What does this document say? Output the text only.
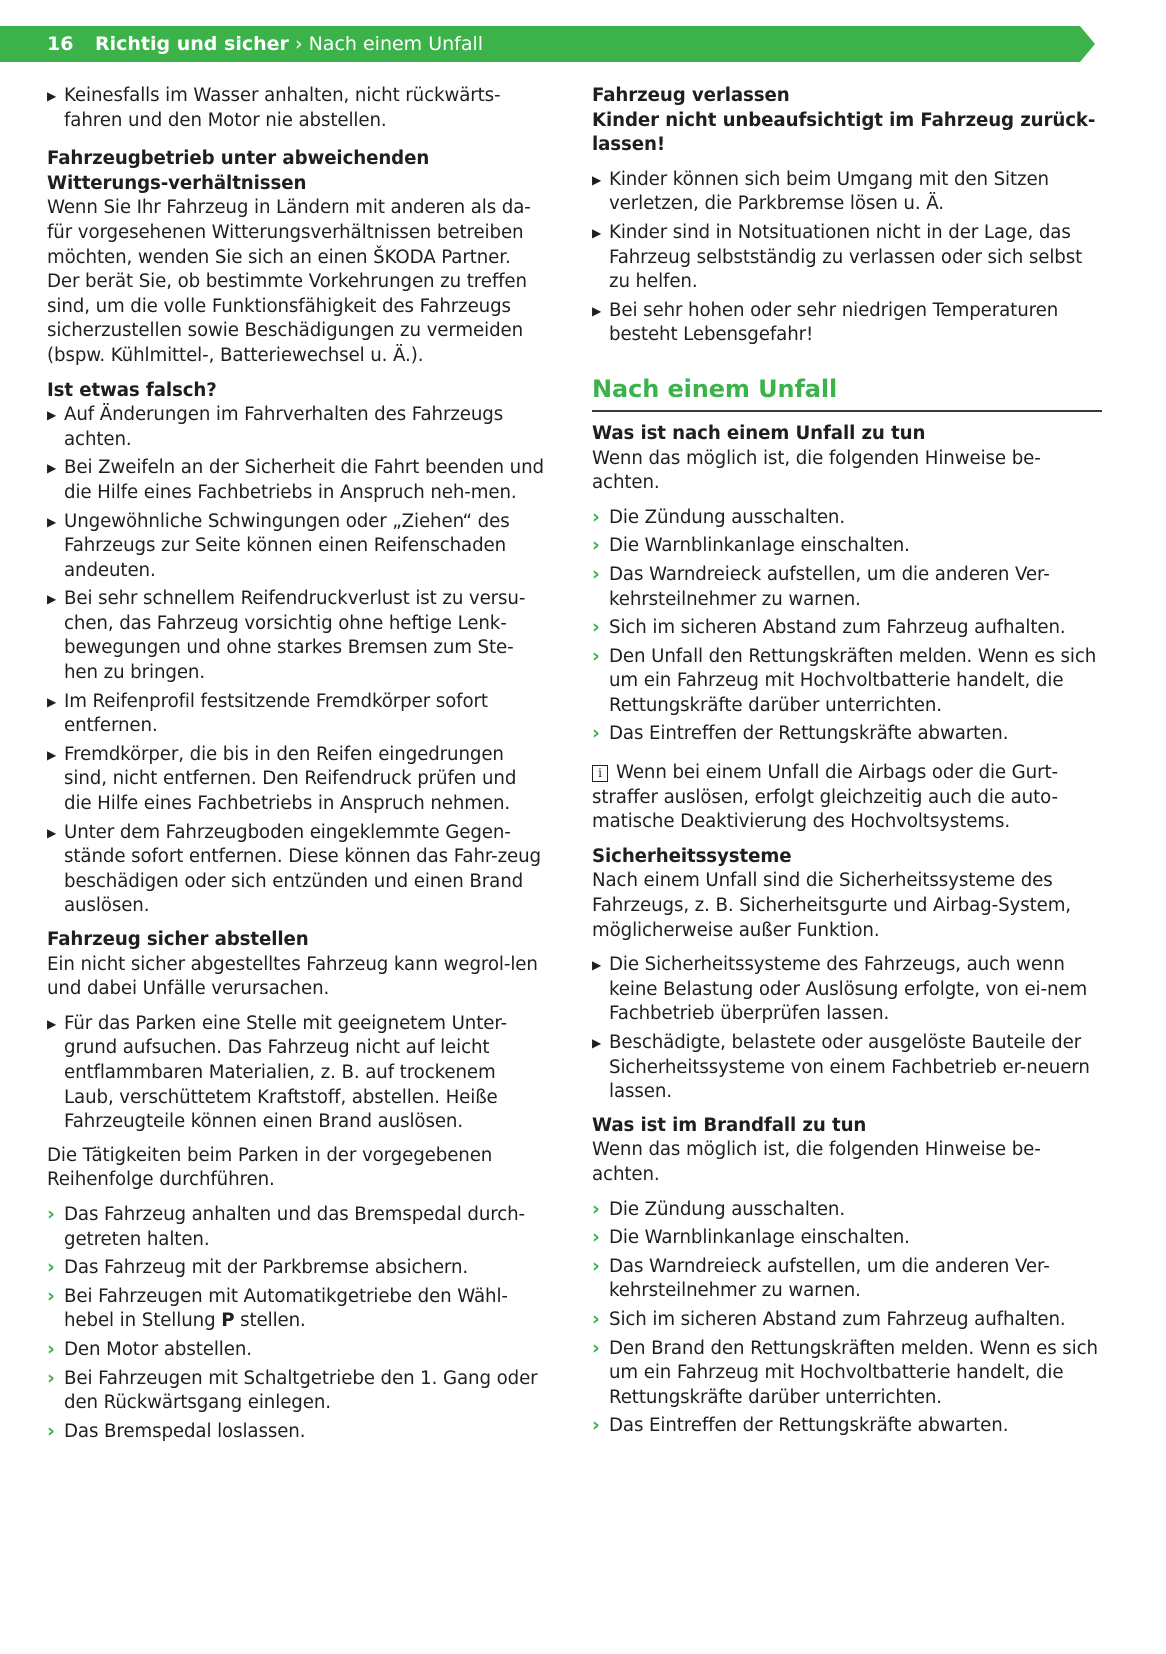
16 Richtig und sicher › Nach einem Unfall
▶ Keinesfalls im Wasser anhalten, nicht rückwärts-fahren und den Motor nie abstellen.

Fahrzeugbetrieb unter abweichenden Witterungs-verhältnissen

Wenn Sie Ihr Fahrzeug in Ländern mit anderen als da-für vorgesehenen Witterungsverhältnissen betreiben möchten, wenden Sie sich an einen ŠKODA Partner. Der berät Sie, ob bestimmte Vorkehrungen zu treffen sind, um die volle Funktionsfähigkeit des Fahrzeugs sicherzustellen sowie Beschädigungen zu vermeiden (bspw. Kühlmittel-, Batteriewechsel u. Ä.).

Ist etwas falsch?

▶ Auf Änderungen im Fahrverhalten des Fahrzeugs achten.
▶ Bei Zweifeln an der Sicherheit die Fahrt beenden und die Hilfe eines Fachbetriebs in Anspruch neh-men.
▶ Ungewöhnliche Schwingungen oder „Ziehen“ des Fahrzeugs zur Seite können einen Reifenschaden andeuten.
▶ Bei sehr schnellem Reifendruckverlust ist zu versu-chen, das Fahrzeug vorsichtig ohne heftige Lenk-bewegungen und ohne starkes Bremsen zum Ste-hen zu bringen.
▶ Im Reifenprofil festsitzende Fremdkörper sofort entfernen.
▶ Fremdkörper, die bis in den Reifen eingedrungen sind, nicht entfernen. Den Reifendruck prüfen und die Hilfe eines Fachbetriebs in Anspruch nehmen.
▶ Unter dem Fahrzeugboden eingeklemmte Gegen-stände sofort entfernen. Diese können das Fahr-zeug beschädigen oder sich entzünden und einen Brand auslösen.

Fahrzeug sicher abstellen

Ein nicht sicher abgestelltes Fahrzeug kann wegrol-len und dabei Unfälle verursachen.

▶ Für das Parken eine Stelle mit geeignetem Unter-grund aufsuchen. Das Fahrzeug nicht auf leicht entflammbaren Materialien, z. B. auf trockenem Laub, verschüttetem Kraftstoff, abstellen. Heiße Fahrzeugteile können einen Brand auslösen.

Die Tätigkeiten beim Parken in der vorgegebenen Reihenfolge durchführen.

› Das Fahrzeug anhalten und das Bremspedal durch-getreten halten.
› Das Fahrzeug mit der Parkbremse absichern.
› Bei Fahrzeugen mit Automatikgetriebe den Wähl-hebel in Stellung P stellen.
› Den Motor abstellen.
› Bei Fahrzeugen mit Schaltgetriebe den 1. Gang oder den Rückwärtsgang einlegen.
› Das Bremspedal loslassen.

Fahrzeug verlassen

Kinder nicht unbeaufsichtigt im Fahrzeug zurück-lassen!

▶ Kinder können sich beim Umgang mit den Sitzen verletzen, die Parkbremse lösen u. Ä.
▶ Kinder sind in Notsituationen nicht in der Lage, das Fahrzeug selbstständig zu verlassen oder sich selbst zu helfen.
▶ Bei sehr hohen oder sehr niedrigen Temperaturen besteht Lebensgefahr!
Nach einem Unfall

Was ist nach einem Unfall zu tun

Wenn das möglich ist, die folgenden Hinweise be-achten.

› Die Zündung ausschalten.
› Die Warnblinkanlage einschalten.
› Das Warndreieck aufstellen, um die anderen Ver-kehrsteilnehmer zu warnen.
› Sich im sicheren Abstand zum Fahrzeug aufhalten.
› Den Unfall den Rettungskräften melden. Wenn es sich um ein Fahrzeug mit Hochvoltbatterie handelt, die Rettungskräfte darüber unterrichten.
› Das Eintreffen der Rettungskräfte abwarten.

i Wenn bei einem Unfall die Airbags oder die Gurt-straffer auslösen, erfolgt gleichzeitig auch die auto-matische Deaktivierung des Hochvoltsystems.

Sicherheitssysteme

Nach einem Unfall sind die Sicherheitssysteme des Fahrzeugs, z. B. Sicherheitsgurte und Airbag-System, möglicherweise außer Funktion.

▶ Die Sicherheitssysteme des Fahrzeugs, auch wenn keine Belastung oder Auslösung erfolgte, von ei-nem Fachbetrieb überprüfen lassen.
▶ Beschädigte, belastete oder ausgelöste Bauteile der Sicherheitssysteme von einem Fachbetrieb er-neuern lassen.

Was ist im Brandfall zu tun

Wenn das möglich ist, die folgenden Hinweise be-achten.

› Die Zündung ausschalten.
› Die Warnblinkanlage einschalten.
› Das Warndreieck aufstellen, um die anderen Ver-kehrsteilnehmer zu warnen.
› Sich im sicheren Abstand zum Fahrzeug aufhalten.
› Den Brand den Rettungskräften melden. Wenn es sich um ein Fahrzeug mit Hochvoltbatterie handelt, die Rettungskräfte darüber unterrichten.
› Das Eintreffen der Rettungskräfte abwarten.
